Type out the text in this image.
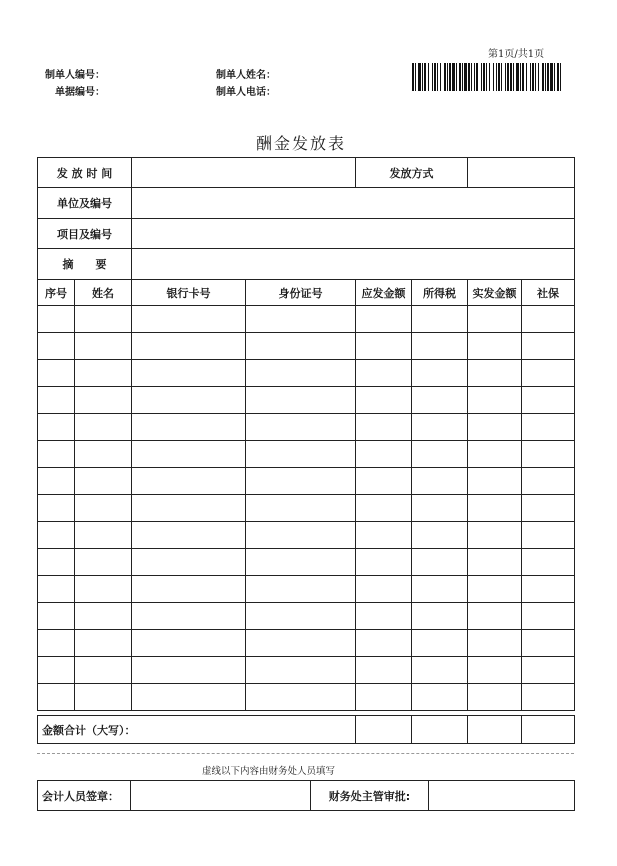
第1页/共1页
制单人编号：
单据编号：
制单人姓名：
制单人电话：
酬金发放表
发 放 时 间				发放方式			
单位及编号							
项目及编号							
摘　　要							
序号	姓名	银行卡号	身份证号	应发金额	所得税	实发金额	社保

金额合计（大写）：				
虚线以下内容由财务处人员填写
会计人员签章：		财务处主管审批:	
